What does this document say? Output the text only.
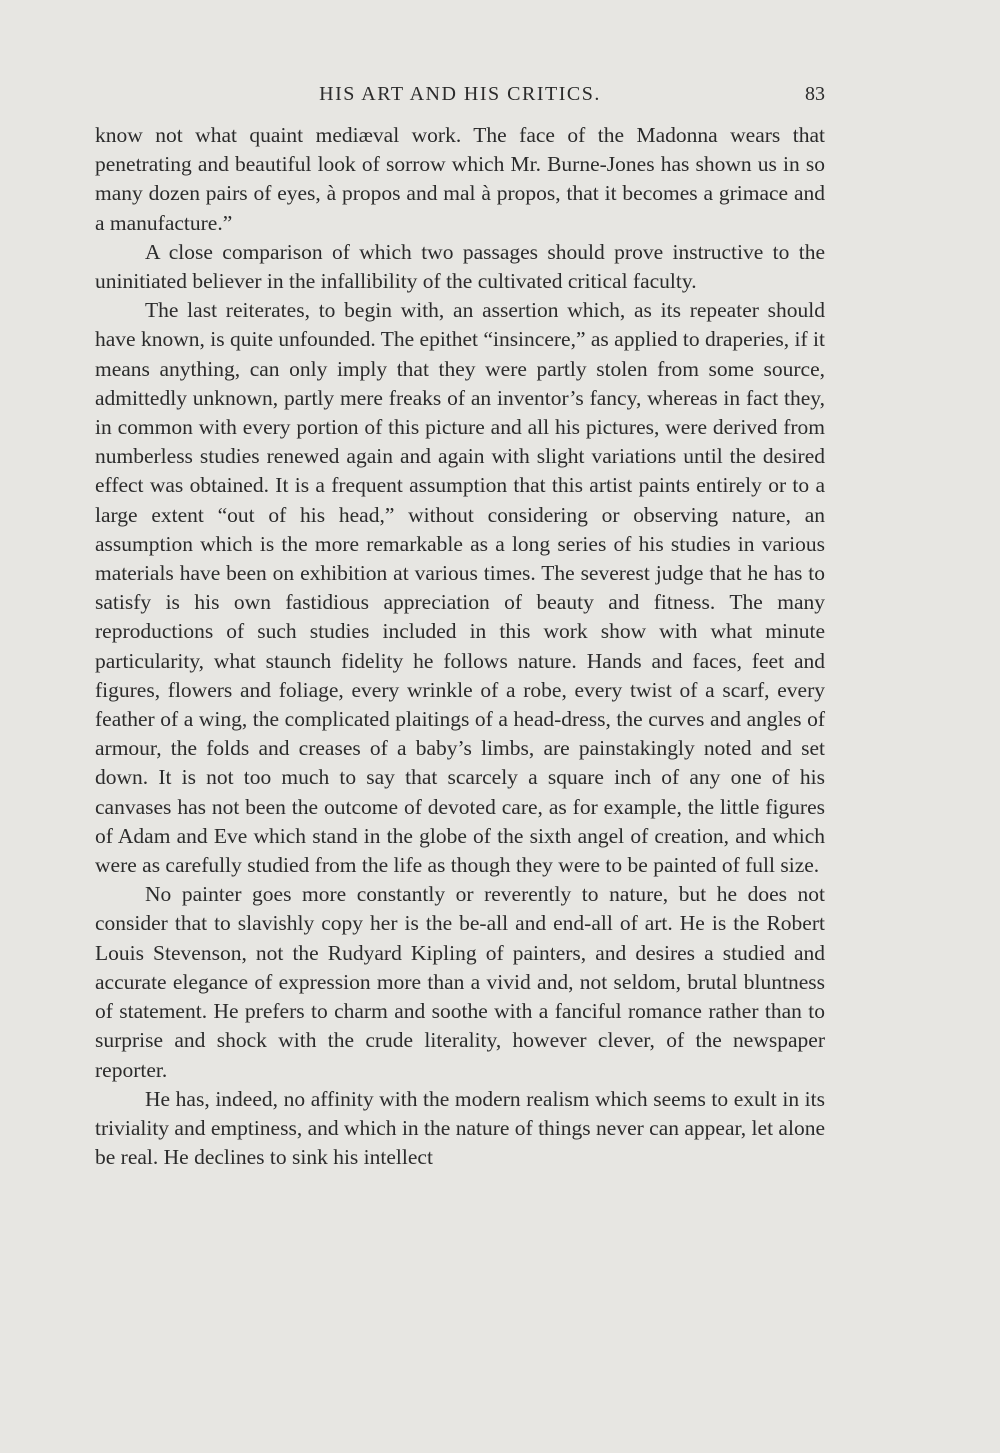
HIS ART AND HIS CRITICS.	83

know not what quaint mediæval work. The face of the Madonna wears that penetrating and beautiful look of sorrow which Mr. Burne-Jones has shown us in so many dozen pairs of eyes, à propos and mal à propos, that it becomes a grimace and a manufacture.”

A close comparison of which two passages should prove instructive to the uninitiated believer in the infallibility of the cultivated critical faculty.

The last reiterates, to begin with, an assertion which, as its repeater should have known, is quite unfounded. The epithet “insincere,” as applied to draperies, if it means anything, can only imply that they were partly stolen from some source, admittedly unknown, partly mere freaks of an inventor’s fancy, whereas in fact they, in common with every portion of this picture and all his pictures, were derived from numberless studies renewed again and again with slight variations until the desired effect was obtained. It is a frequent assumption that this artist paints entirely or to a large extent “out of his head,” without considering or observing nature, an assumption which is the more remarkable as a long series of his studies in various materials have been on exhibition at various times. The severest judge that he has to satisfy is his own fastidious appreciation of beauty and fitness. The many reproductions of such studies included in this work show with what minute particularity, what staunch fidelity he follows nature. Hands and faces, feet and figures, flowers and foliage, every wrinkle of a robe, every twist of a scarf, every feather of a wing, the complicated plaitings of a head-dress, the curves and angles of armour, the folds and creases of a baby’s limbs, are painstakingly noted and set down. It is not too much to say that scarcely a square inch of any one of his canvases has not been the outcome of devoted care, as for example, the little figures of Adam and Eve which stand in the globe of the sixth angel of creation, and which were as carefully studied from the life as though they were to be painted of full size.

No painter goes more constantly or reverently to nature, but he does not consider that to slavishly copy her is the be-all and end-all of art. He is the Robert Louis Stevenson, not the Rudyard Kipling of painters, and desires a studied and accurate elegance of expression more than a vivid and, not seldom, brutal bluntness of statement. He prefers to charm and soothe with a fanciful romance rather than to surprise and shock with the crude literality, however clever, of the newspaper reporter.

He has, indeed, no affinity with the modern realism which seems to exult in its triviality and emptiness, and which in the nature of things never can appear, let alone be real. He declines to sink his intellect
